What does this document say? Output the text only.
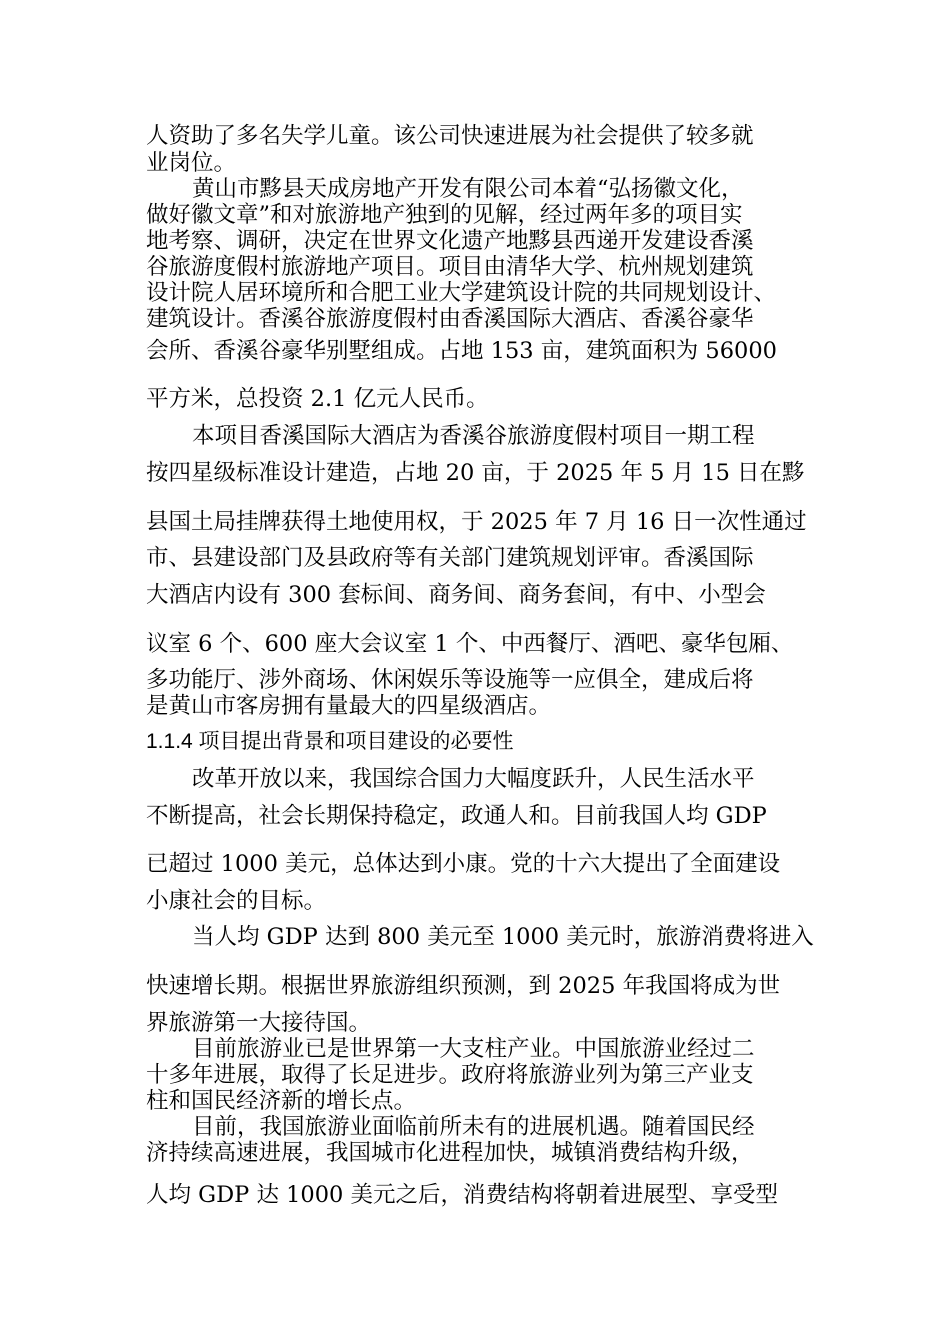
人资助了多名失学儿童。该公司快速进展为社会提供了较多就
业岗位。
黄山市黟县天成房地产开发有限公司本着“弘扬徽文化，
做好徽文章”和对旅游地产独到的见解，经过两年多的项目实
地考察、调研，决定在世界文化遗产地黟县西递开发建设香溪
谷旅游度假村旅游地产项目。项目由清华大学、杭州规划建筑
设计院人居环境所和合肥工业大学建筑设计院的共同规划设计、
建筑设计。香溪谷旅游度假村由香溪国际大酒店、香溪谷豪华
会所、香溪谷豪华别墅组成。占地 153 亩，建筑面积为 56000
平方米，总投资 2.1 亿元人民币。
本项目香溪国际大酒店为香溪谷旅游度假村项目一期工程
按四星级标准设计建造，占地 20 亩，于 2025 年 5 月 15 日在黟
县国土局挂牌获得土地使用权，于 2025 年 7 月 16 日一次性通过
市、县建设部门及县政府等有关部门建筑规划评审。香溪国际
大酒店内设有 300 套标间、商务间、商务套间，有中、小型会
议室 6 个、600 座大会议室 1 个、中西餐厅、酒吧、豪华包厢、
多功能厅、涉外商场、休闲娱乐等设施等一应俱全，建成后将
是黄山市客房拥有量最大的四星级酒店。
1.1.4 项目提出背景和项目建设的必要性
改革开放以来，我国综合国力大幅度跃升，人民生活水平
不断提高，社会长期保持稳定，政通人和。目前我国人均 GDP
已超过 1000 美元，总体达到小康。党的十六大提出了全面建设
小康社会的目标。
当人均 GDP 达到 800 美元至 1000 美元时，旅游消费将进入
快速增长期。根据世界旅游组织预测，到 2025 年我国将成为世
界旅游第一大接待国。
目前旅游业已是世界第一大支柱产业。中国旅游业经过二
十多年进展，取得了长足进步。政府将旅游业列为第三产业支
柱和国民经济新的增长点。
目前，我国旅游业面临前所未有的进展机遇。随着国民经
济持续高速进展，我国城市化进程加快，城镇消费结构升级，
人均 GDP 达 1000 美元之后，消费结构将朝着进展型、享受型
